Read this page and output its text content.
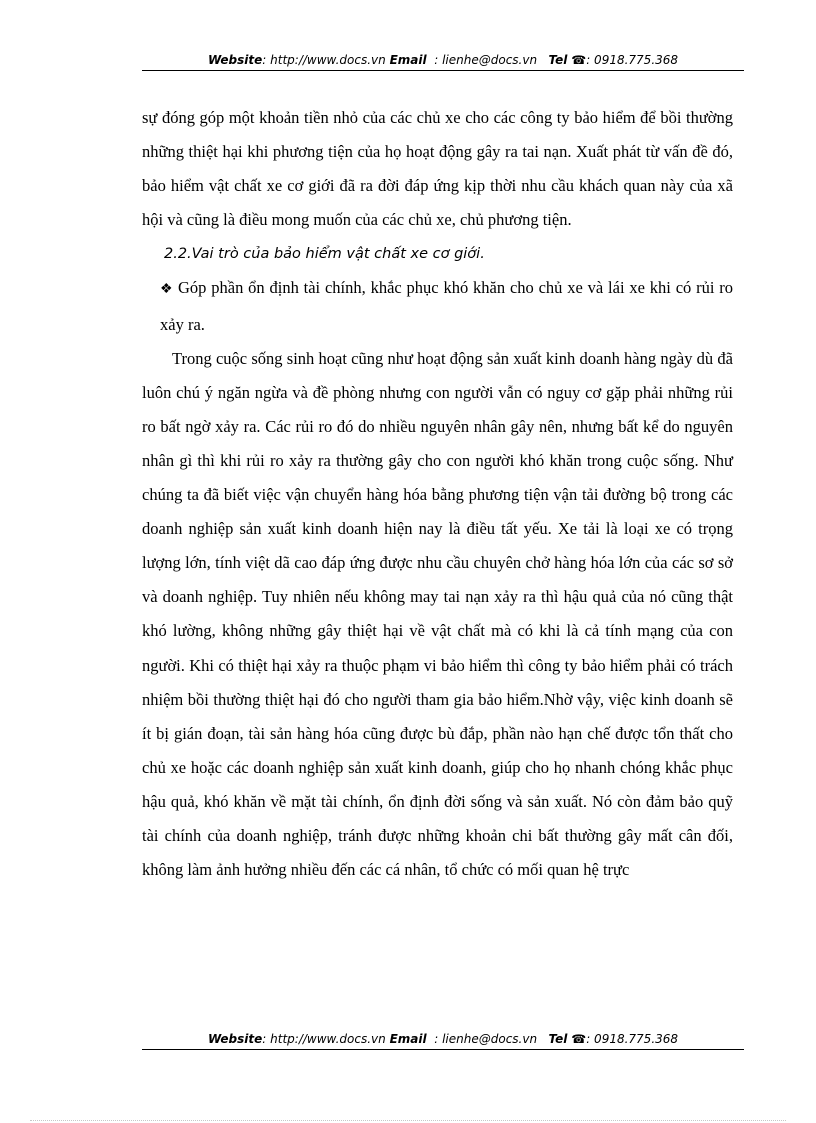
Website: http://www.docs.vn Email  : lienhe@docs.vn Tel ☎: 0918.775.368

sự đóng góp một khoản tiền nhỏ của các chủ xe cho các công ty bảo hiểm để bồi thường những thiệt hại khi phương tiện của họ hoạt động gây ra tai nạn. Xuất phát từ vấn đề đó, bảo hiểm vật chất xe cơ giới đã ra đời đáp ứng kịp thời nhu cầu khách quan này của xã hội và cũng là điều mong muốn của các chủ xe, chủ phương tiện.

2.2.Vai trò của bảo hiểm vật chất xe cơ giới.

❖ Góp phần ổn định tài chính, khắc phục khó khăn cho chủ xe và lái xe khi có rủi ro xảy ra.

Trong cuộc sống sinh hoạt cũng như hoạt động sản xuất kinh doanh hàng ngày dù đã luôn chú ý ngăn ngừa và đề phòng nhưng con người vẫn có nguy cơ gặp phải những rủi ro bất ngờ xảy ra. Các rủi ro đó do nhiều nguyên nhân gây nên, nhưng bất kể do nguyên nhân gì thì khi rủi ro xảy ra thường gây cho con người khó khăn trong cuộc sống. Như chúng ta đã biết việc vận chuyển hàng hóa bằng phương tiện vận tải đường bộ trong các doanh nghiệp sản xuất kinh doanh hiện nay là điều tất yếu. Xe tải là loại xe có trọng lượng lớn, tính việt dã cao đáp ứng được nhu cầu chuyên chở hàng hóa lớn của các sơ sở và doanh nghiệp. Tuy nhiên nếu không may tai nạn xảy ra thì hậu quả của nó cũng thật khó lường, không những gây thiệt hại về vật chất mà có khi là cả tính mạng của con người. Khi có thiệt hại xảy ra thuộc phạm vi bảo hiểm thì công ty bảo hiểm phải có trách nhiệm bồi thường thiệt hại đó cho người tham gia bảo hiểm.Nhờ vậy, việc kinh doanh sẽ ít bị gián đoạn, tài sản hàng hóa cũng được bù đắp, phần nào hạn chế được tổn thất cho chủ xe hoặc các doanh nghiệp sản xuất kinh doanh, giúp cho họ nhanh chóng khắc phục hậu quả, khó khăn về mặt tài chính, ổn định đời sống và sản xuất. Nó còn đảm bảo quỹ tài chính của doanh nghiệp, tránh được những khoản chi bất thường gây mất cân đối, không làm ảnh hưởng nhiều đến các cá nhân, tổ chức có mối quan hệ trực

Website: http://www.docs.vn Email  : lienhe@docs.vn Tel ☎: 0918.775.368
